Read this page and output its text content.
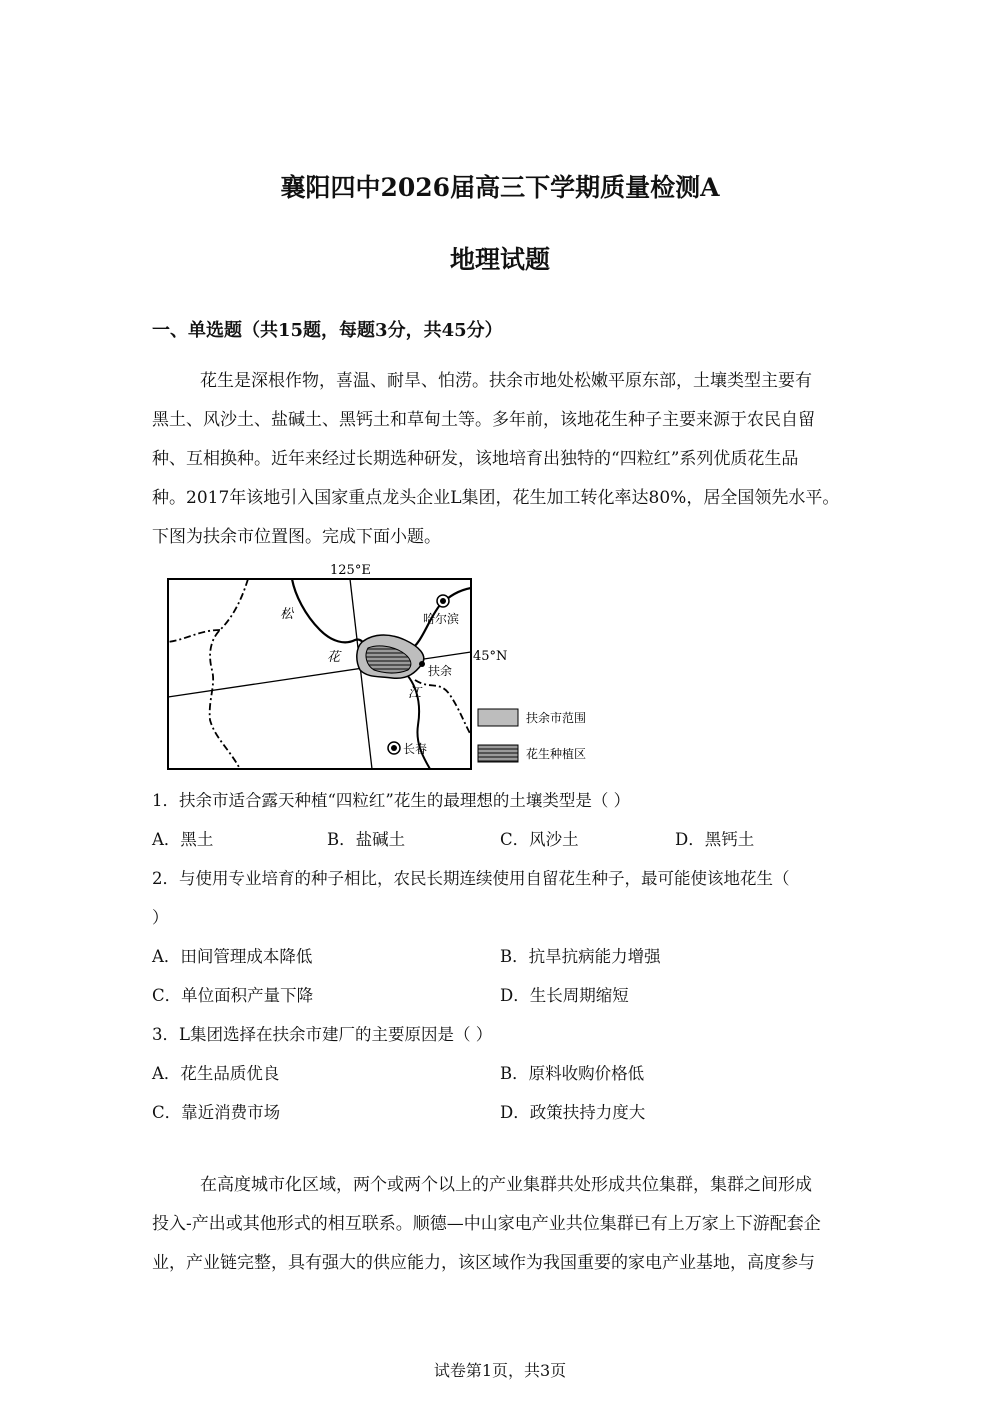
襄阳四中2026届高三下学期质量检测A
地理试题
一、单选题（共15题，每题3分，共45分）
花生是深根作物，喜温、耐旱、怕涝。扶余市地处松嫩平原东部，土壤类型主要有
黑土、风沙土、盐碱土、黑钙土和草甸土等。多年前，该地花生种子主要来源于农民自留
种、互相换种。近年来经过长期选种研发，该地培育出独特的“四粒红”系列优质花生品
种。2017年该地引入国家重点龙头企业L集团，花生加工转化率达80%，居全国领先水平。
下图为扶余市位置图。完成下面小题。
125°E
45°N
哈尔滨
扶余
长春
松
花
江
扶余市范围
花生种植区
1．扶余市适合露天种植“四粒红”花生的最理想的土壤类型是（ ）
A．黑土	B．盐碱土	C．风沙土	D．黑钙土
2．与使用专业培育的种子相比，农民长期连续使用自留花生种子，最可能使该地花生（
）
A．田间管理成本降低	B．抗旱抗病能力增强
C．单位面积产量下降	D．生长周期缩短
3．L集团选择在扶余市建厂的主要原因是（ ）
A．花生品质优良	B．原料收购价格低
C．靠近消费市场	D．政策扶持力度大
在高度城市化区域，两个或两个以上的产业集群共处形成共位集群，集群之间形成
投入-产出或其他形式的相互联系。顺德—中山家电产业共位集群已有上万家上下游配套企
业，产业链完整，具有强大的供应能力，该区域作为我国重要的家电产业基地，高度参与
试卷第1页，共3页
